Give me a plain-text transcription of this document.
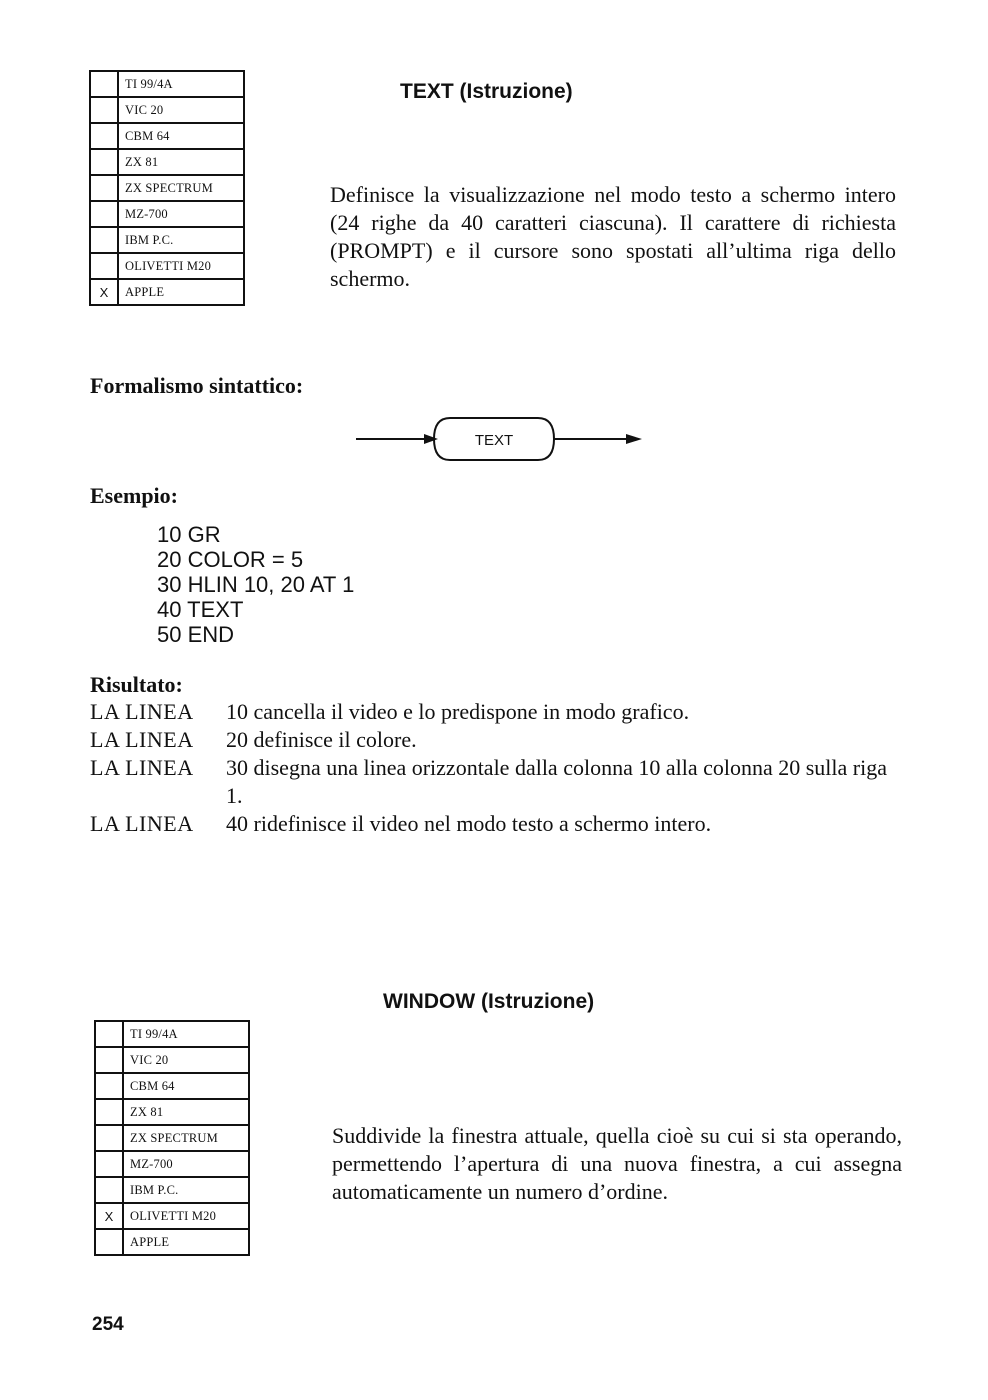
	TI 99/4A
	VIC 20
	CBM 64
	ZX 81
	ZX SPECTRUM
	MZ-700
	IBM P.C.
	OLIVETTI M20
X	APPLE
TEXT (Istruzione)
Definisce la visualizzazione nel modo testo a schermo intero (24 righe da 40 caratteri ciascuna). Il carattere di richiesta (PROMPT) e il cursore sono spostati all’ultima riga dello schermo.
Formalismo sintattico:
TEXT
Esempio:
10 GR
20 COLOR = 5
30 HLIN 10, 20 AT 1
40 TEXT
50 END
Risultato:
LA LINEA	10 cancella il video e lo predispone in modo grafico.
LA LINEA	20 definisce il colore.
LA LINEA	30 disegna una linea orizzontale dalla colonna 10 alla colonna 20 sulla riga 1.
LA LINEA	40 ridefinisce il video nel modo testo a schermo intero.
WINDOW (Istruzione)
	TI 99/4A
	VIC 20
	CBM 64
	ZX 81
	ZX SPECTRUM
	MZ-700
	IBM P.C.
X	OLIVETTI M20
	APPLE
Suddivide la finestra attuale, quella cioè su cui si sta operando, permettendo l’apertura di una nuova finestra, a cui assegna automaticamente un numero d’ordine.
254
